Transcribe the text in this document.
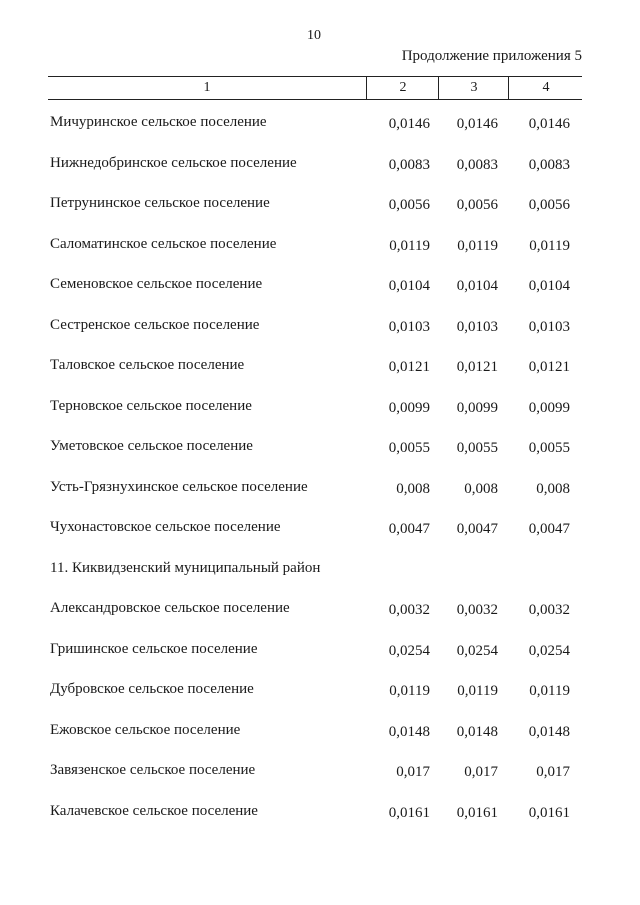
10
Продолжение приложения 5
1	2	3	4
Мичуринское сельское поселение	0,0146	0,0146	0,0146
Нижнедобринское сельское поселение	0,0083	0,0083	0,0083
Петрунинское сельское поселение	0,0056	0,0056	0,0056
Саломатинское сельское поселение	0,0119	0,0119	0,0119
Семеновское сельское поселение	0,0104	0,0104	0,0104
Сестренское сельское поселение	0,0103	0,0103	0,0103
Таловское сельское поселение	0,0121	0,0121	0,0121
Терновское сельское поселение	0,0099	0,0099	0,0099
Уметовское сельское поселение	0,0055	0,0055	0,0055
Усть-Грязнухинское сельское поселение	0,008	0,008	0,008
Чухонастовское сельское поселение	0,0047	0,0047	0,0047
11. Киквидзенский муниципальный район
Александровское сельское поселение	0,0032	0,0032	0,0032
Гришинское сельское поселение	0,0254	0,0254	0,0254
Дубровское сельское поселение	0,0119	0,0119	0,0119
Ежовское сельское поселение	0,0148	0,0148	0,0148
Завязенское сельское поселение	0,017	0,017	0,017
Калачевское сельское поселение	0,0161	0,0161	0,0161
